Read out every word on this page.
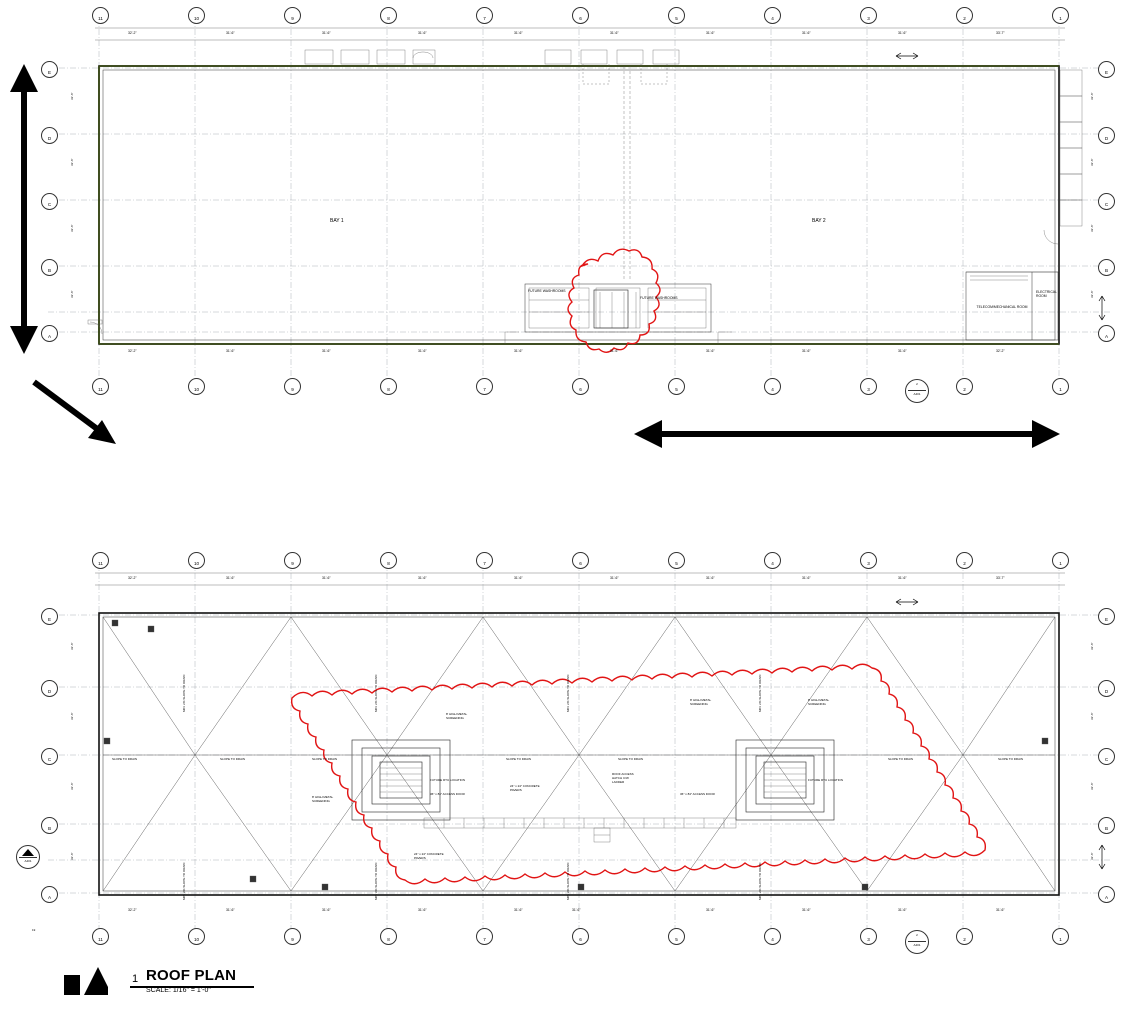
11	10	9	8	7	6	5	4	3	2	1
32'-2"	31'-6"	31'-6"	31'-6"	31'-6"	31'-6"	31'-6"	31'-6"	31'-6"	33'-7"
E
D
C
B
A
E
D
C
B
A
33'-6"
33'-6"
33'-6"
33'-6"
33'-6"
33'-6"
33'-6"
33'-6"
BAY 1	BAY 2
FUTURE WASHROOMS
FUTURE WASHROOMS
TELECOM/MECHANICAL ROOM
ELECTRICAL ROOM
32'-2"	31'-6"	31'-6"	31'-6"	31'-6"	31'-6"	31'-6"	31'-6"	31'-6"	32'-2"
11	10	9	8	7	6	5	4	3	2	1
2
A401
11	10	9	8	7	6	5	4	3	2	1
32'-2"	31'-6"	31'-6"	31'-6"	31'-6"	31'-6"	31'-6"	31'-6"	31'-6"	33'-7"
E
D
C
B
A
E
D
C
B
A
33'-6"
33'-6"
33'-6"
33'-6"
33'-6"
33'-6"
33'-6"
33'-6"
SLOPE TO DRAIN	SLOPE TO DRAIN	SLOPE TO DRAIN	SLOPE TO DRAIN	SLOPE TO DRAIN	SLOPE TO DRAIN	SLOPE TO DRAIN
MIN. 2% SLOPE TO DRAIN
MIN. 2% SLOPE TO DRAIN
MIN. 2% SLOPE TO DRAIN
MIN. 2% SLOPE TO DRAIN
MIN. 2% SLOPE TO DRAIN
MIN. 2% SLOPE TO DRAIN
MIN. 2% SLOPE TO DRAIN
MIN. 2% SLOPE TO DRAIN
8' HIGH METAL SCREENING
8' HIGH METAL SCREENING
8' HIGH METAL SCREENING
8' HIGH METAL SCREENING
FUTURE RTU LOCATION	FUTURE RTU LOCATION
36" x 84" ACCESS DOOR	36" x 84" ACCESS DOOR
ROOF ACCESS HATCH C/W LADDER
24" x 24" CONCRETE PAVERS
24" x 24" CONCRETE PAVERS
32'-2"	31'-6"	31'-6"	31'-6"	31'-6"	31'-6"	31'-6"	31'-6"	31'-6"	31'-6"
11	10	9	8	7	6	5	4	3	2	1
A401
2
A401
19
ROOF PLAN
1
SCALE: 1/16" = 1'-0"
